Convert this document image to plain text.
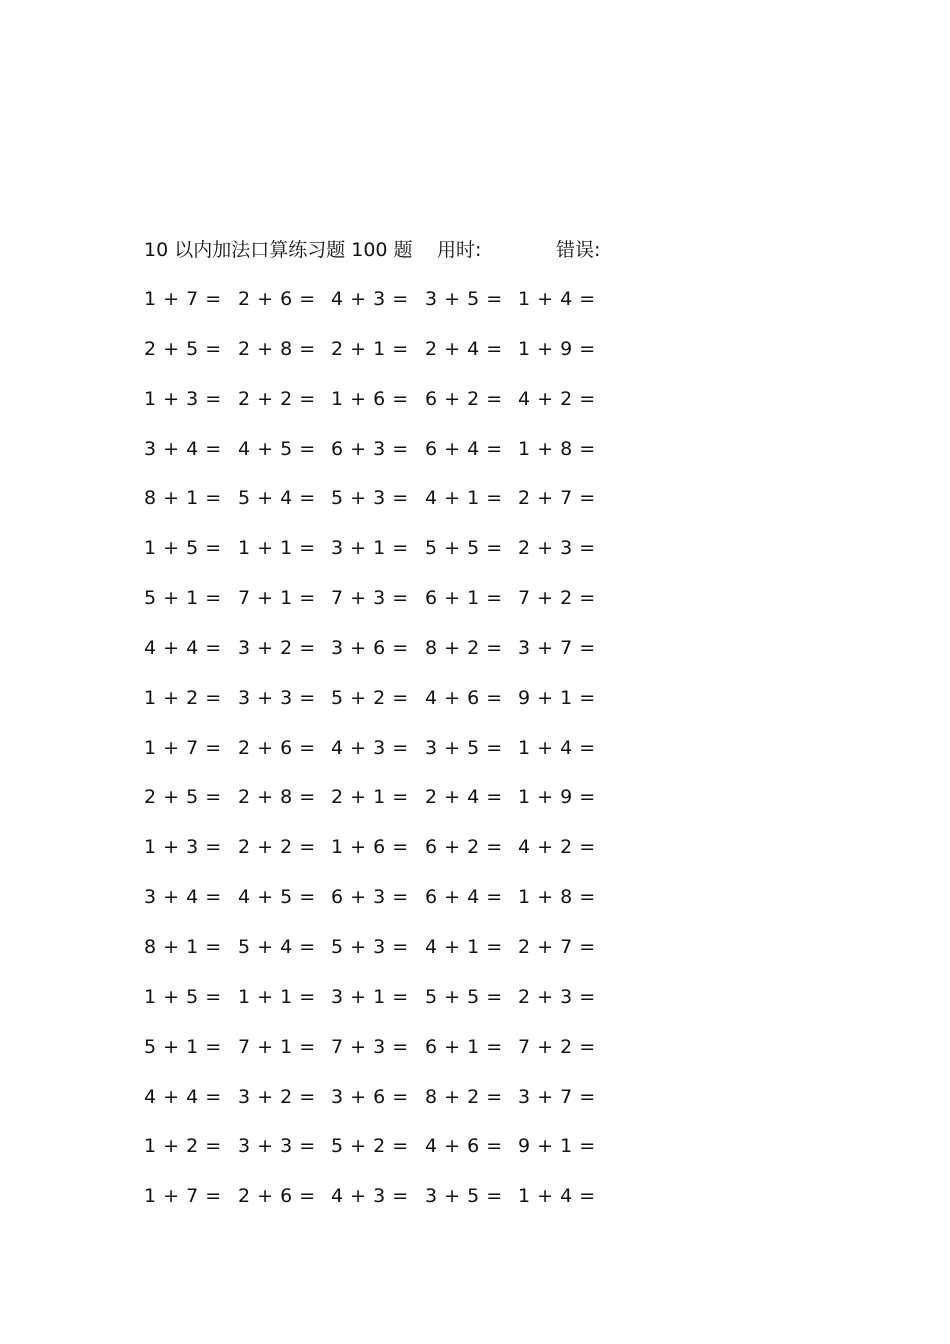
10 以内加法口算练习题 100 题 用时:	错误:
1 + 7 = 2 + 6 = 4 + 3 = 3 + 5 = 1 + 4 =
2 + 5 = 2 + 8 = 2 + 1 = 2 + 4 = 1 + 9 =
1 + 3 = 2 + 2 = 1 + 6 = 6 + 2 = 4 + 2 =
3 + 4 = 4 + 5 = 6 + 3 = 6 + 4 = 1 + 8 =
8 + 1 = 5 + 4 = 5 + 3 = 4 + 1 = 2 + 7 =
1 + 5 = 1 + 1 = 3 + 1 = 5 + 5 = 2 + 3 =
5 + 1 = 7 + 1 = 7 + 3 = 6 + 1 = 7 + 2 =
4 + 4 = 3 + 2 = 3 + 6 = 8 + 2 = 3 + 7 =
1 + 2 = 3 + 3 = 5 + 2 = 4 + 6 = 9 + 1 =
1 + 7 = 2 + 6 = 4 + 3 = 3 + 5 = 1 + 4 =
2 + 5 = 2 + 8 = 2 + 1 = 2 + 4 = 1 + 9 =
1 + 3 = 2 + 2 = 1 + 6 = 6 + 2 = 4 + 2 =
3 + 4 = 4 + 5 = 6 + 3 = 6 + 4 = 1 + 8 =
8 + 1 = 5 + 4 = 5 + 3 = 4 + 1 = 2 + 7 =
1 + 5 = 1 + 1 = 3 + 1 = 5 + 5 = 2 + 3 =
5 + 1 = 7 + 1 = 7 + 3 = 6 + 1 = 7 + 2 =
4 + 4 = 3 + 2 = 3 + 6 = 8 + 2 = 3 + 7 =
1 + 2 = 3 + 3 = 5 + 2 = 4 + 6 = 9 + 1 =
1 + 7 = 2 + 6 = 4 + 3 = 3 + 5 = 1 + 4 =
